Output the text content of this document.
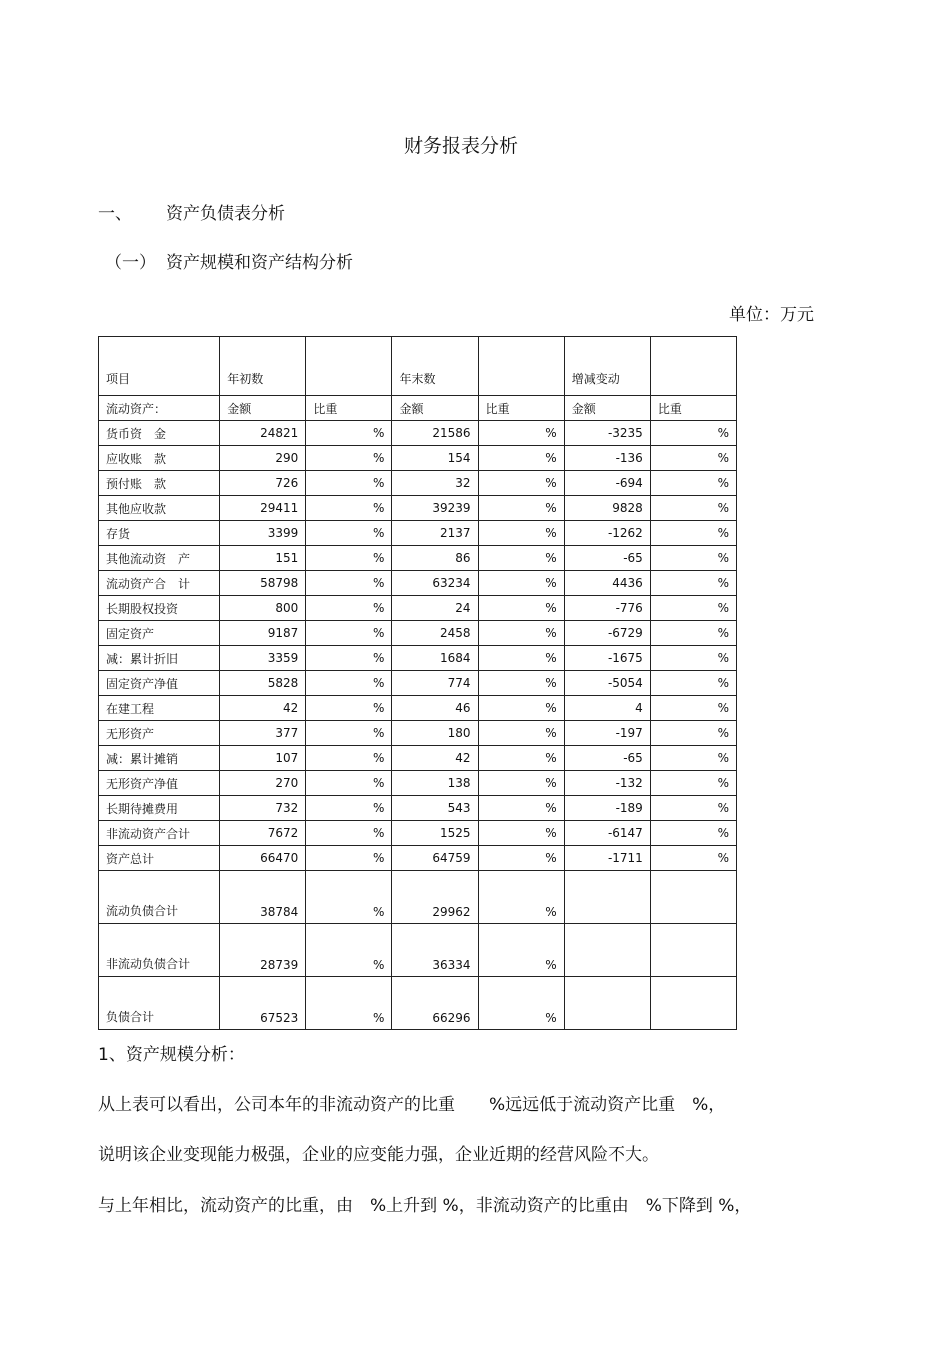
财务报表分析
一、 资产负债表分析
（一） 资产规模和资产结构分析
单位：万元
项目	年初数		年末数		增减变动	
流动资产：	金额	比重	金额	比重	金额	比重
货币资　金	24821	%	21586	%	-3235	%
应收账　款	290	%	154	%	-136	%
预付账　款	726	%	32	%	-694	%
其他应收款	29411	%	39239	%	9828	%
存货	3399	%	2137	%	-1262	%
其他流动资　产	151	%	86	%	-65	%
流动资产合　计	58798	%	63234	%	4436	%
长期股权投资	800	%	24	%	-776	%
固定资产	9187	%	2458	%	-6729	%
减：累计折旧	3359	%	1684	%	-1675	%
固定资产净值	5828	%	774	%	-5054	%
在建工程	42	%	46	%	4	%
无形资产	377	%	180	%	-197	%
减：累计摊销	107	%	42	%	-65	%
无形资产净值	270	%	138	%	-132	%
长期待摊费用	732	%	543	%	-189	%
非流动资产合计	7672	%	1525	%	-6147	%
资产总计	66470	%	64759	%	-1711	%
流动负债合计	38784	%	29962	%		
非流动负债合计	28739	%	36334	%		
负债合计	67523	%	66296	%		
1、资产规模分析：
从上表可以看出，公司本年的非流动资产的比重　　%远远低于流动资产比重　%，
说明该企业变现能力极强，企业的应变能力强，企业近期的经营风险不大。
与上年相比，流动资产的比重，由　%上升到 %，非流动资产的比重由　%下降到 %，
